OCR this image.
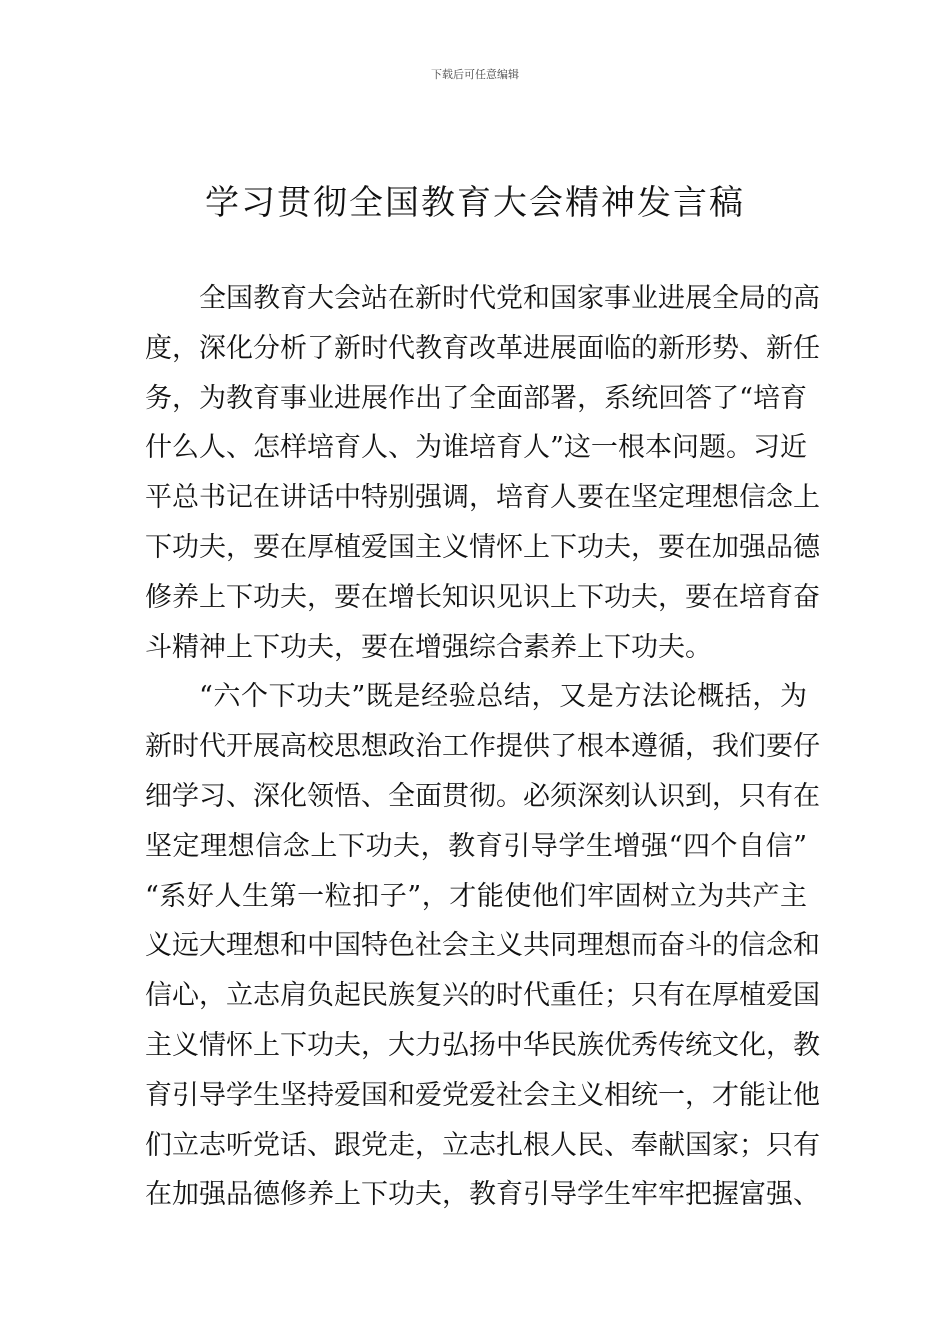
下载后可任意编辑
学习贯彻全国教育大会精神发言稿
全国教育大会站在新时代党和国家事业进展全局的高
度，深化分析了新时代教育改革进展面临的新形势、新任
务，为教育事业进展作出了全面部署，系统回答了“培育
什么人、怎样培育人、为谁培育人”这一根本问题。习近
平总书记在讲话中特别强调，培育人要在坚定理想信念上
下功夫，要在厚植爱国主义情怀上下功夫，要在加强品德
修养上下功夫，要在增长知识见识上下功夫，要在培育奋
斗精神上下功夫，要在增强综合素养上下功夫。
“六个下功夫”既是经验总结，又是方法论概括，为
新时代开展高校思想政治工作提供了根本遵循，我们要仔
细学习、深化领悟、全面贯彻。必须深刻认识到，只有在
坚定理想信念上下功夫，教育引导学生增强“四个自信”
“系好人生第一粒扣子”，才能使他们牢固树立为共产主
义远大理想和中国特色社会主义共同理想而奋斗的信念和
信心，立志肩负起民族复兴的时代重任；只有在厚植爱国
主义情怀上下功夫，大力弘扬中华民族优秀传统文化，教
育引导学生坚持爱国和爱党爱社会主义相统一，才能让他
们立志听党话、跟党走，立志扎根人民、奉献国家；只有
在加强品德修养上下功夫，教育引导学生牢牢把握富强、
